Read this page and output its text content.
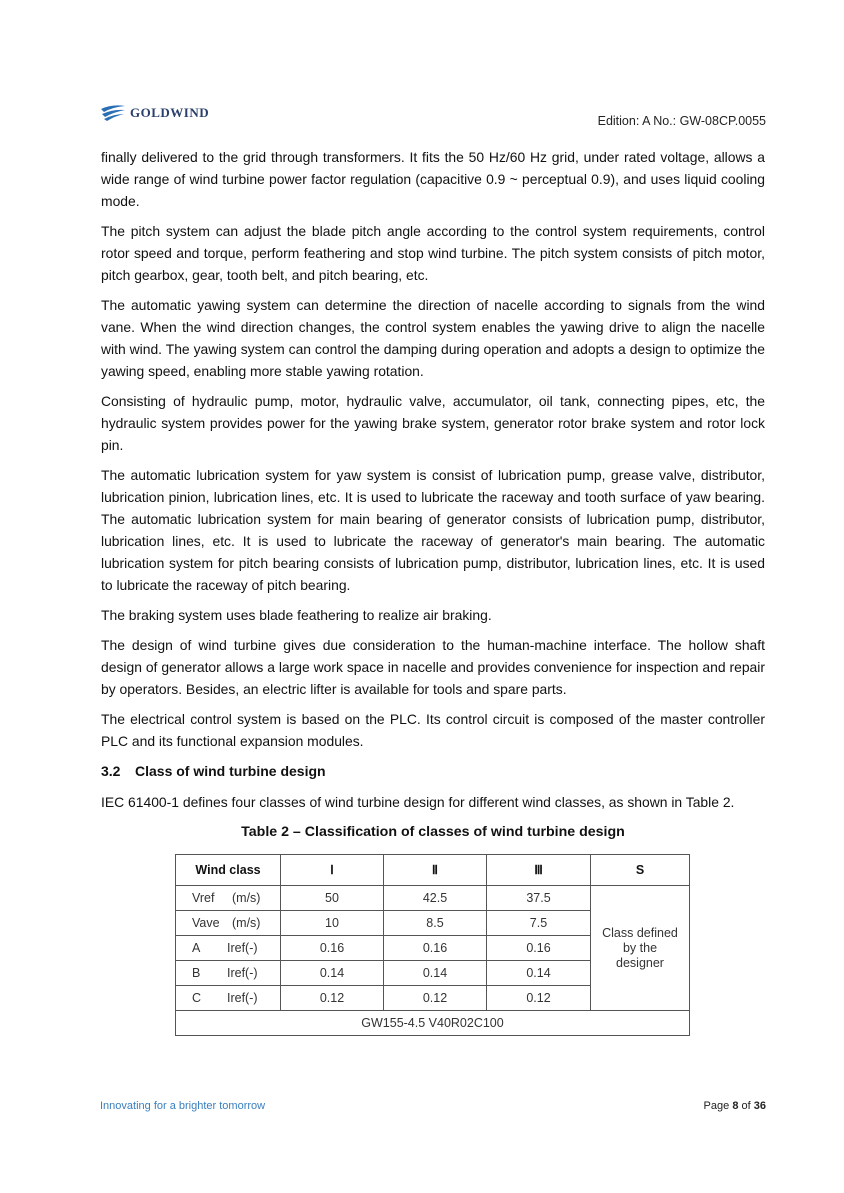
GOLDWIND
Edition: A No.: GW-08CP.0055

finally delivered to the grid through transformers. It fits the 50 Hz/60 Hz grid, under rated voltage, allows a wide range of wind turbine power factor regulation (capacitive 0.9 ~ perceptual 0.9), and uses liquid cooling mode.

The pitch system can adjust the blade pitch angle according to the control system requirements, control rotor speed and torque, perform feathering and stop wind turbine. The pitch system consists of pitch motor, pitch gearbox, gear, tooth belt, and pitch bearing, etc.

The automatic yawing system can determine the direction of nacelle according to signals from the wind vane. When the wind direction changes, the control system enables the yawing drive to align the nacelle with wind. The yawing system can control the damping during operation and adopts a design to optimize the yawing speed, enabling more stable yawing rotation.

Consisting of hydraulic pump, motor, hydraulic valve, accumulator, oil tank, connecting pipes, etc, the hydraulic system provides power for the yawing brake system, generator rotor brake system and rotor lock pin.

The automatic lubrication system for yaw system is consist of lubrication pump, grease valve, distributor, lubrication pinion, lubrication lines, etc. It is used to lubricate the raceway and tooth surface of yaw bearing. The automatic lubrication system for main bearing of generator consists of lubrication pump, distributor, lubrication lines, etc. It is used to lubricate the raceway of generator's main bearing. The automatic lubrication system for pitch bearing consists of lubrication pump, distributor, lubrication lines, etc. It is used to lubricate the raceway of pitch bearing.

The braking system uses blade feathering to realize air braking.

The design of wind turbine gives due consideration to the human-machine interface. The hollow shaft design of generator allows a large work space in nacelle and provides convenience for inspection and repair by operators. Besides, an electric lifter is available for tools and spare parts.

The electrical control system is based on the PLC. Its control circuit is composed of the master controller PLC and its functional expansion modules.

3.2 Class of wind turbine design

IEC 61400-1 defines four classes of wind turbine design for different wind classes, as shown in Table 2.

Table 2 – Classification of classes of wind turbine design
Wind class	Ⅰ	Ⅱ	Ⅲ	S
Vref (m/s)	50	42.5	37.5	Class defined by the designer
Vave (m/s)	10	8.5	7.5	
A Iref(-)	0.16	0.16	0.16	
B Iref(-)	0.14	0.14	0.14	
C Iref(-)	0.12	0.12	0.12	
GW155-4.5 V40R02C100				
Innovating for a brighter tomorrow	Page 8 of 36
